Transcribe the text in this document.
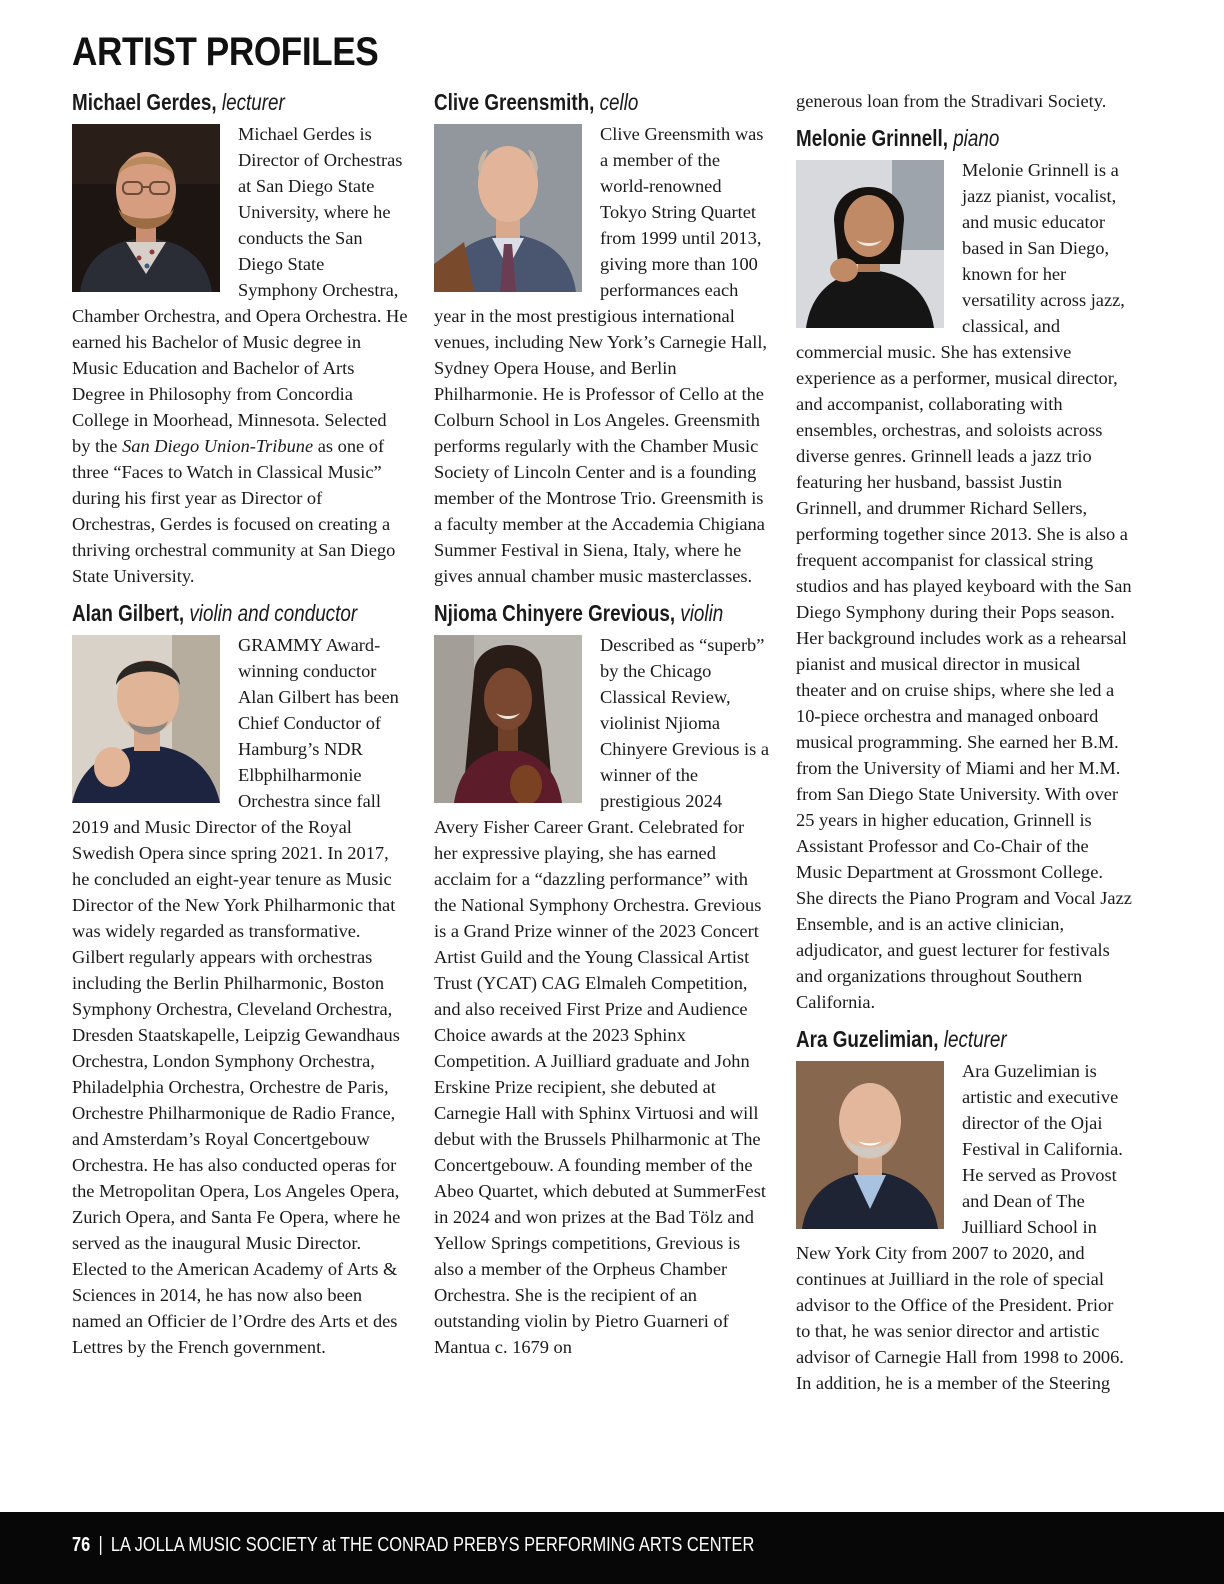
ARTIST PROFILES
Michael Gerdes, lecturer

Michael Gerdes is Director of Orchestras at San Diego State University, where he conducts the San Diego State Symphony Orchestra, Chamber Orchestra, and Opera Orchestra. He earned his Bachelor of Music degree in Music Education and Bachelor of Arts Degree in Philosophy from Concordia College in Moorhead, Minnesota. Selected by the San Diego Union-Tribune as one of three “Faces to Watch in Classical Music” during his first year as Director of Orchestras, Gerdes is focused on creating a thriving orchestral community at San Diego State University.

Alan Gilbert, violin and conductor

GRAMMY Award-winning conductor Alan Gilbert has been Chief Conductor of Hamburg’s NDR Elbphilharmonie Orchestra since fall 2019 and Music Director of the Royal Swedish Opera since spring 2021. In 2017, he concluded an eight-year tenure as Music Director of the New York Philharmonic that was widely regarded as transformative. Gilbert regularly appears with orchestras including the Berlin Philharmonic, Boston Symphony Orchestra, Cleveland Orchestra, Dresden Staatskapelle, Leipzig Gewandhaus Orchestra, London Symphony Orchestra, Philadelphia Orchestra, Orchestre de Paris, Orchestre Philharmonique de Radio France, and Amsterdam’s Royal Concertgebouw Orchestra. He has also conducted operas for the Metropolitan Opera, Los Angeles Opera, Zurich Opera, and Santa Fe Opera, where he served as the inaugural Music Director. Elected to the American Academy of Arts & Sciences in 2014, he has now also been named an Officier de l’Ordre des Arts et des Lettres by the French government.

Clive Greensmith, cello

Clive Greensmith was a member of the world-renowned Tokyo String Quartet from 1999 until 2013, giving more than 100 performances each year in the most prestigious international venues, including New York’s Carnegie Hall, Sydney Opera House, and Berlin Philharmonie. He is Professor of Cello at the Colburn School in Los Angeles. Greensmith performs regularly with the Chamber Music Society of Lincoln Center and is a founding member of the Montrose Trio. Greensmith is a faculty member at the Accademia Chigiana Summer Festival in Siena, Italy, where he gives annual chamber music masterclasses.

Njioma Chinyere Grevious, violin

Described as “superb” by the Chicago Classical Review, violinist Njioma Chinyere Grevious is a winner of the prestigious 2024 Avery Fisher Career Grant. Celebrated for her expressive playing, she has earned acclaim for a “dazzling performance” with the National Symphony Orchestra. Grevious is a Grand Prize winner of the 2023 Concert Artist Guild and the Young Classical Artist Trust (YCAT) CAG Elmaleh Competition, and also received First Prize and Audience Choice awards at the 2023 Sphinx Competition. A Juilliard graduate and John Erskine Prize recipient, she debuted at Carnegie Hall with Sphinx Virtuosi and will debut with the Brussels Philharmonic at The Concertgebouw. A founding member of the Abeo Quartet, which debuted at SummerFest in 2024 and won prizes at the Bad Tölz and Yellow Springs competitions, Grevious is also a member of the Orpheus Chamber Orchestra. She is the recipient of an outstanding violin by Pietro Guarneri of Mantua c. 1679 on

generous loan from the Stradivari Society.

Melonie Grinnell, piano

Melonie Grinnell is a jazz pianist, vocalist, and music educator based in San Diego, known for her versatility across jazz, classical, and commercial music. She has extensive experience as a performer, musical director, and accompanist, collaborating with ensembles, orchestras, and soloists across diverse genres. Grinnell leads a jazz trio featuring her husband, bassist Justin Grinnell, and drummer Richard Sellers, performing together since 2013. She is also a frequent accompanist for classical string studios and has played keyboard with the San Diego Symphony during their Pops season. Her background includes work as a rehearsal pianist and musical director in musical theater and on cruise ships, where she led a 10-piece orchestra and managed onboard musical programming. She earned her B.M. from the University of Miami and her M.M. from San Diego State University. With over 25 years in higher education, Grinnell is Assistant Professor and Co-Chair of the Music Department at Grossmont College. She directs the Piano Program and Vocal Jazz Ensemble, and is an active clinician, adjudicator, and guest lecturer for festivals and organizations throughout Southern California.

Ara Guzelimian, lecturer

Ara Guzelimian is artistic and executive director of the Ojai Festival in California. He served as Provost and Dean of The Juilliard School in New York City from 2007 to 2020, and continues at Juilliard in the role of special advisor to the Office of the President. Prior to that, he was senior director and artistic advisor of Carnegie Hall from 1998 to 2006. In addition, he is a member of the Steering

76 | LA JOLLA MUSIC SOCIETY at THE CONRAD PREBYS PERFORMING ARTS CENTER
